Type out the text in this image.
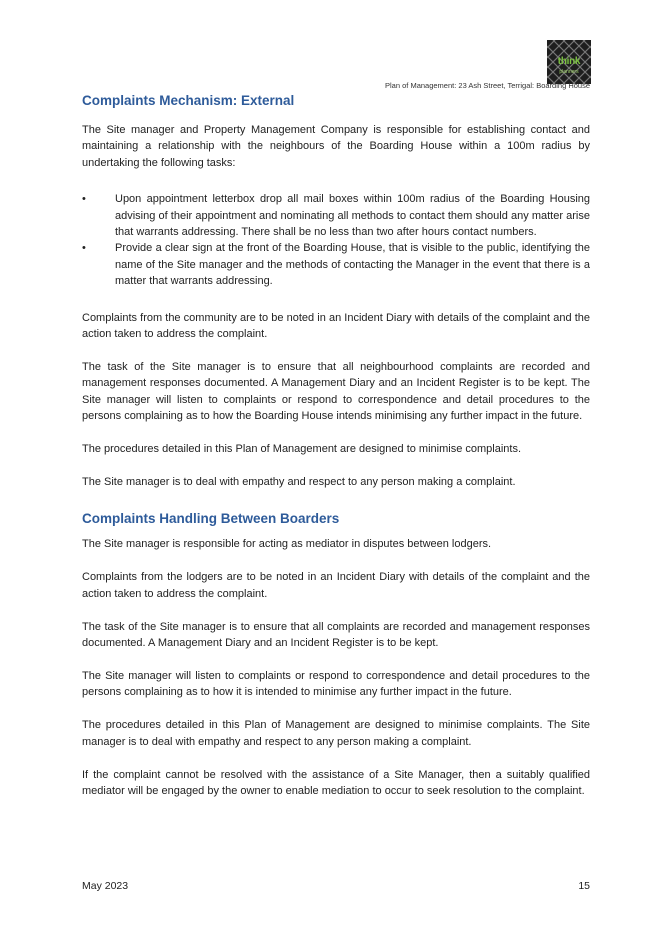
think
planners
Plan of Management: 23 Ash Street, Terrigal: Boarding House
Complaints Mechanism: External

The Site manager and Property Management Company is responsible for establishing contact and maintaining a relationship with the neighbours of the Boarding House within a 100m radius by undertaking the following tasks:

•	Upon appointment letterbox drop all mail boxes within 100m radius of the Boarding Housing advising of their appointment and nominating all methods to contact them should any matter arise that warrants addressing. There shall be no less than two after hours contact numbers.
•	Provide a clear sign at the front of the Boarding House, that is visible to the public, identifying the name of the Site manager and the methods of contacting the Manager in the event that there is a matter that warrants addressing.

Complaints from the community are to be noted in an Incident Diary with details of the complaint and the action taken to address the complaint.

The task of the Site manager is to ensure that all neighbourhood complaints are recorded and management responses documented. A Management Diary and an Incident Register is to be kept. The Site manager will listen to complaints or respond to correspondence and detail procedures to the persons complaining as to how the Boarding House intends minimising any further impact in the future.

The procedures detailed in this Plan of Management are designed to minimise complaints.

The Site manager is to deal with empathy and respect to any person making a complaint.

Complaints Handling Between Boarders

The Site manager is responsible for acting as mediator in disputes between lodgers.

Complaints from the lodgers are to be noted in an Incident Diary with details of the complaint and the action taken to address the complaint.

The task of the Site manager is to ensure that all complaints are recorded and management responses documented. A Management Diary and an Incident Register is to be kept.

The Site manager will listen to complaints or respond to correspondence and detail procedures to the persons complaining as to how it is intended to minimise any further impact in the future.

The procedures detailed in this Plan of Management are designed to minimise complaints. The Site manager is to deal with empathy and respect to any person making a complaint.

If the complaint cannot be resolved with the assistance of a Site Manager, then a suitably qualified mediator will be engaged by the owner to enable mediation to occur to seek resolution to the complaint.

May 2023	15
